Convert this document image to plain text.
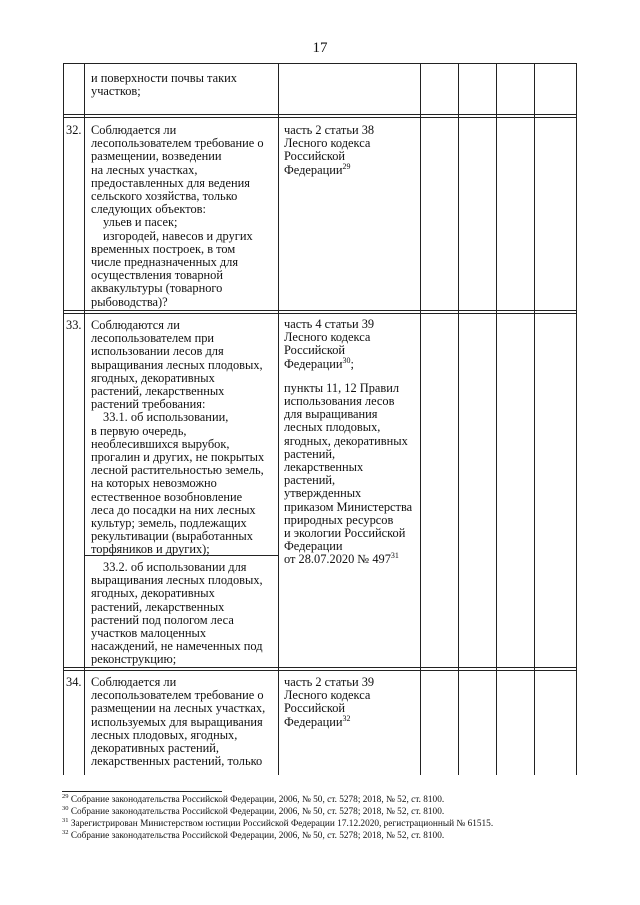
17
и поверхности почвы таких
участков;
32. Соблюдается ли
лесопользователем требование о
размещении, возведении
на лесных участках,
предоставленных для ведения
сельского хозяйства, только
следующих объектов:
ульев и пасек;
изгородей, навесов и других
временных построек, в том
числе предназначенных для
осуществления товарной
аквакультуры (товарного
рыбоводства)?
часть 2 статьи 38
Лесного кодекса
Российской
Федерации$^{29}$
33. Соблюдаются ли
лесопользователем при
использовании лесов для
выращивания лесных плодовых,
ягодных, декоративных
растений, лекарственных
растений требования:
33.1. об использовании,
в первую очередь,
необлесившихся вырубок,
прогалин и других, не покрытых
лесной растительностью земель,
на которых невозможно
естественное возобновление
леса до посадки на них лесных
культур; земель, подлежащих
рекультивации (выработанных
торфяников и других);
33.2. об использовании для
выращивания лесных плодовых,
ягодных, декоративных
растений, лекарственных
растений под пологом леса
участков малоценных
насаждений, не намеченных под
реконструкцию;
часть 4 статьи 39
Лесного кодекса
Российской
Федерации$^{30}$;
пункты 11, 12 Правил
использования лесов
для выращивания
лесных плодовых,
ягодных, декоративных
растений,
лекарственных
растений,
утвержденных
приказом Министерства
природных ресурсов
и экологии Российской
Федерации
от 28.07.2020 № $497^{31}$
34. Соблюдается ли
лесопользователем требование о
размещении на лесных участках,
используемых для выращивания
лесных плодовых, ягодных,
декоративных растений,
лекарственных растений, только
часть 2 статьи 39
Лесного кодекса
Российской
Федерации$^{32}$
$^{29}$ Собрание законодательства Российской Федерации, 2006, № 50, ст. 5278; 2018, № 52, ст. 8100.
$^{30}$ Собрание законодательства Российской Федерации, 2006, № 50, ст. 5278; 2018, № 52, ст. 8100.
$^{31}$ Зарегистрирован Министерством юстиции Российской Федерации 17.12.2020, регистрационный № 61515.
$^{32}$ Собрание законодательства Российской Федерации, 2006, № 50, ст. 5278; 2018, № 52, ст. 8100.
